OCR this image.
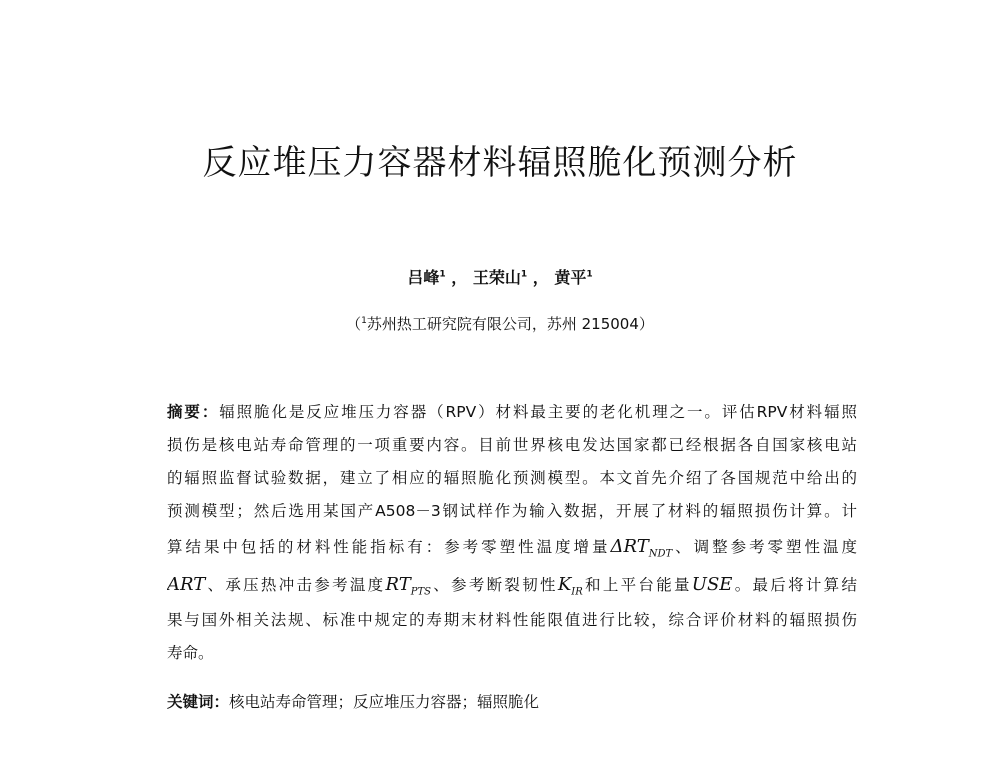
反应堆压力容器材料辐照脆化预测分析
吕峰$^1$ ， 王荣山$^1$ ， 黄平$^1$
（$^1$苏州热工研究院有限公司，苏州 215004）
摘要：辐照脆化是反应堆压力容器（RPV）材料最主要的老化机理之一。评估RPV材料辐照
损伤是核电站寿命管理的一项重要内容。目前世界核电发达国家都已经根据各自国家核电站
的辐照监督试验数据，建立了相应的辐照脆化预测模型。本文首先介绍了各国规范中给出的
预测模型；然后选用某国产A508－3钢试样作为输入数据，开展了材料的辐照损伤计算。计
算结果中包括的材料性能指标有：参考零塑性温度增量$\Delta RT_{NDT}$、调整参考零塑性温度
ART、承压热冲击参考温度$RT_{PTS}$、参考断裂韧性$K_{IR}$和上平台能量USE。最后将计算结
果与国外相关法规、标准中规定的寿期末材料性能限值进行比较，综合评价材料的辐照损伤
寿命。
关键词：核电站寿命管理；反应堆压力容器；辐照脆化
